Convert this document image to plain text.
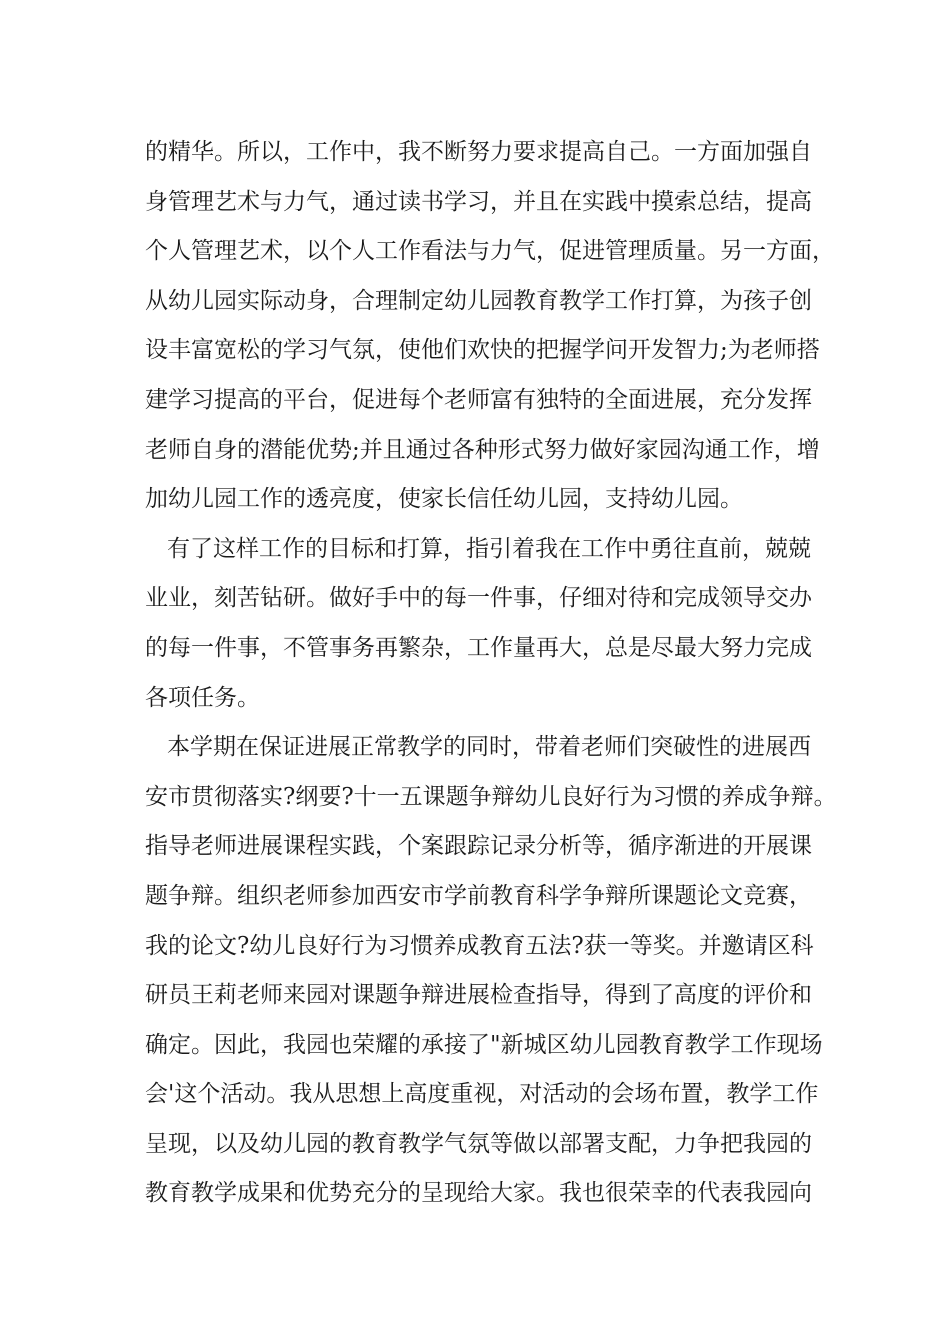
的精华。所以，工作中，我不断努力要求提高自己。一方面加强自
身管理艺术与力气，通过读书学习，并且在实践中摸索总结，提高
个人管理艺术，以个人工作看法与力气，促进管理质量。另一方面，
从幼儿园实际动身，合理制定幼儿园教育教学工作打算，为孩子创
设丰富宽松的学习气氛，使他们欢快的把握学问开发智力;为老师搭
建学习提高的平台，促进每个老师富有独特的全面进展，充分发挥
老师自身的潜能优势;并且通过各种形式努力做好家园沟通工作，增
加幼儿园工作的透亮度，使家长信任幼儿园，支持幼儿园。
有了这样工作的目标和打算，指引着我在工作中勇往直前，兢兢
业业，刻苦钻研。做好手中的每一件事，仔细对待和完成领导交办
的每一件事，不管事务再繁杂，工作量再大，总是尽最大努力完成
各项任务。
本学期在保证进展正常教学的同时，带着老师们突破性的进展西
安市贯彻落实?纲要?十一五课题争辩幼儿良好行为习惯的养成争辩。
指导老师进展课程实践，个案跟踪记录分析等，循序渐进的开展课
题争辩。组织老师参加西安市学前教育科学争辩所课题论文竞赛，
我的论文?幼儿良好行为习惯养成教育五法?获一等奖。并邀请区科
研员王莉老师来园对课题争辩进展检查指导，得到了高度的评价和
确定。因此，我园也荣耀的承接了"新城区幼儿园教育教学工作现场
会'这个活动。我从思想上高度重视，对活动的会场布置，教学工作
呈现，以及幼儿园的教育教学气氛等做以部署支配，力争把我园的
教育教学成果和优势充分的呈现给大家。我也很荣幸的代表我园向
